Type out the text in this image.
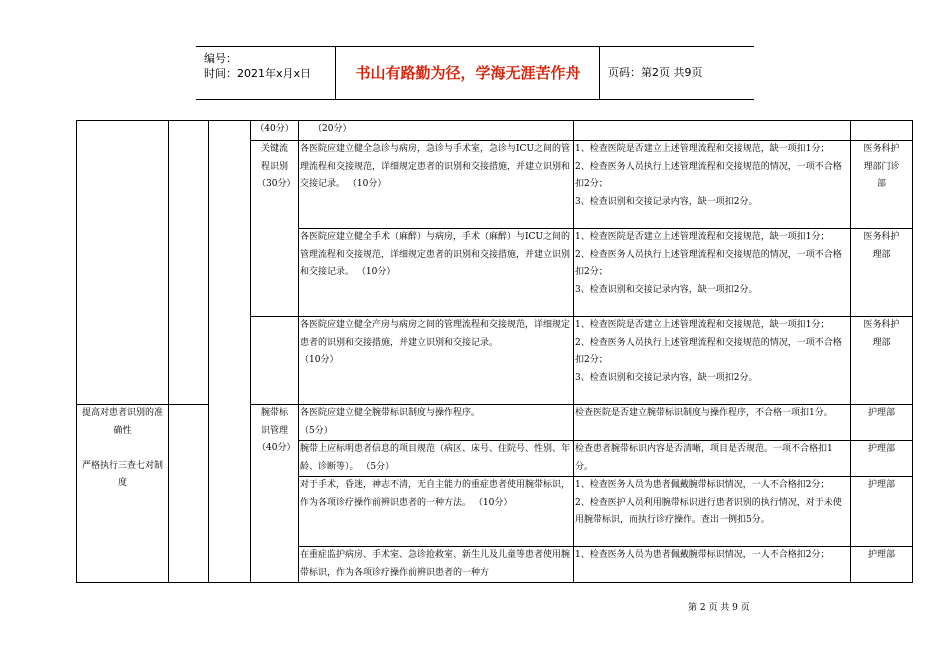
编号：
时间：2021年x月x日	书山有路勤为径，学海无涯苦作舟	页码：第2页 共9页
			（40分）	（20分）		
			关键流程识别（30分）	各医院应建立健全急诊与病房，急诊与手术室，急诊与ICU之间的管理流程和交接规范，详细规定患者的识别和交接措施，并建立识别和交接记录。 （10分）	1、检查医院是否建立上述管理流程和交接规范，缺一项扣1分；
2、检查医务人员执行上述管理流程和交接规范的情况，一项不合格扣2分；
3、检查识别和交接记录内容，缺一项扣2分。	医务科护理部门诊部
				各医院应建立健全手术（麻醉）与病房，手术（麻醉）与ICU之间的管理流程和交接规范，详细规定患者的识别和交接措施，并建立识别和交接记录。 （10分）	1、检查医院是否建立上述管理流程和交接规范，缺一项扣1分；
2、检查医务人员执行上述管理流程和交接规范的情况，一项不合格扣2分；
3、检查识别和交接记录内容，缺一项扣2分。	医务科护理部
				各医院应建立健全产房与病房之间的管理流程和交接规范，详细规定患者的识别和交接措施，并建立识别和交接记录。
（10分）	1、检查医院是否建立上述管理流程和交接规范，缺一项扣1分；
2、检查医务人员执行上述管理流程和交接规范的情况，一项不合格扣2分；
3、检查识别和交接记录内容，缺一项扣2分。	医务科护理部
提高对患者识别的准确性

严格执行三查七对制度			腕带标识管理（40分）	各医院应建立健全腕带标识制度与操作程序。
（5分）	检查医院是否建立腕带标识制度与操作程序，不合格一项扣1分。	护理部
				腕带上应标明患者信息的项目规范（病区、床号、住院号、性别、年龄、诊断等）。 （5分）	检查患者腕带标识内容是否清晰，项目是否规范。一项不合格扣1分。	护理部
				对于手术，昏迷，神志不清，无自主能力的重症患者使用腕带标识，作为各项诊疗操作前辨识患者的一种方法。 （10分）	1、检查医务人员为患者佩戴腕带标识情况，一人不合格扣2分；
2、检查医护人员利用腕带标识进行患者识别的执行情况，对于未使用腕带标识，而执行诊疗操作。查出一例扣5分。	护理部
				在重症监护病房、手术室、急诊抢救室、新生儿及儿童等患者使用腕带标识，作为各项诊疗操作前辨识患者的一种方	1、检查医务人员为患者佩戴腕带标识情况，一人不合格扣2分；	护理部
第 2 页 共 9 页
